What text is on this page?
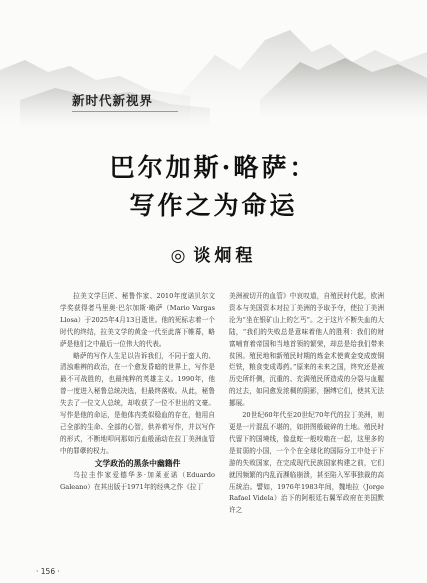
新时代新视界
巴尔加斯·略萨：
写作之为命运
◎ 谈炯程

拉美文学巨匠、秘鲁作家、2010年度诺贝尔文学奖获得者马里奥·巴尔加斯·略萨（Mario Vargas Llosa）于2025年4月13日逝世。他的死标志着一个时代的终结，拉美文学的黄金一代至此落下帷幕，略萨是他们之中最后一位伟大的代表。

略萨的写作人生足以告诉我们，不同于蛮人的、清浊难辨的政治，在一个愈发昏暗的世界上，写作是最不可战胜的，也最纯粹的英雄主义。1990年，他曾一度进入秘鲁总统决选，但最终落败。从此，秘鲁失去了一位文人总统，却收获了一位不世出的文豪。写作是他的命运，是他体内类似稳血的存在，他用自己全部的生命、全部的心智，供养着写作，并以写作的形式，不断地叩问那如污血般涌动在拉丁美洲血管中的罪孽的权力。

文学政治的黑条中幽籍件

乌拉圭作家爱德华多·加莱亚诺（Eduardo Galeano）在其出版于1971年的经典之作《拉丁

美洲被切开的血管》中哀叹道，自殖民时代起，欧洲资本与美国资本对拉丁美洲的予取予夺，使拉丁美洲沦为“坐在银矿山上的乞丐”。之于这片不断失血的大陆，“我们的失败总是意味着他人的胜利：我们的财富哺育着帝国和当地首领的繁荣，却总是给我们带来贫困。殖民地和新殖民时期的炼金术使黄金变成废铜烂铁，粮食变成毒药。”原来的未来之国，终究还是被历史所纤侧，沉重的、充满殖民所造成的分裂与血腥的过去，如同愈发浓稠的阴影，捆缚它们，使其无法挪展。

20世纪60年代至20世纪70年代的拉丁美洲，则更是一片混乱不堪的，如拼图般破碎的土地。殖民时代留下的国境线，像盘蛇一般咬啮在一起，这里多的是贫弱的小国，一个个在全球化的国际分工中处于下游的失败国家，在完成现代民族国家构建之前，它们就因频繁的内乱而濒临崩溃，甚至陷入军事独裁的高压统治。譬如，1976年1983年间，魏地拉（Jorge Rafael Videla）治下的阿根廷右翼军政府在美国默许之

· 156 ·
